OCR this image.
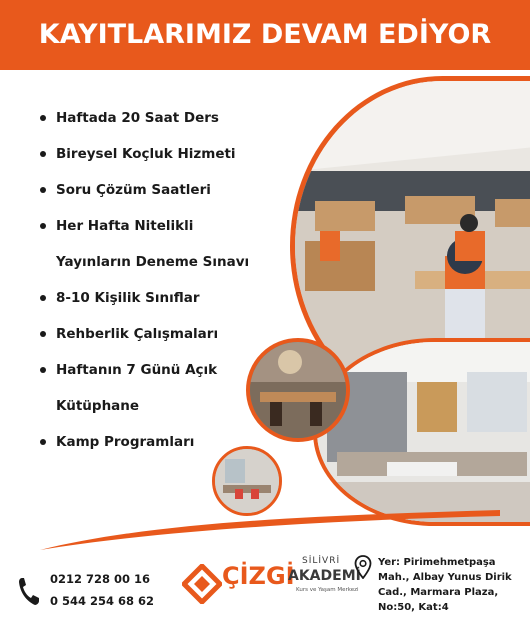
KAYITLARIMIZ DEVAM EDİYOR
Haftada 20 Saat Ders
Bireysel Koçluk Hizmeti
Soru Çözüm Saatleri
Her Hafta Nitelikli
Yayınların Deneme Sınavı
8-10 Kişilik Sınıflar
Rehberlik Çalışmaları
Haftanın 7 Günü Açık
Kütüphane
Kamp Programları
0212 728 00 16
0 544 254 68 62
ÇİZGİ
SİLİVRİ
AKADEMİ
Kurs ve Yaşam Merkezi
Yer: Pirimehmetpaşa
Mah., Albay Yunus Dirik
Cad., Marmara Plaza,
No:50, Kat:4
